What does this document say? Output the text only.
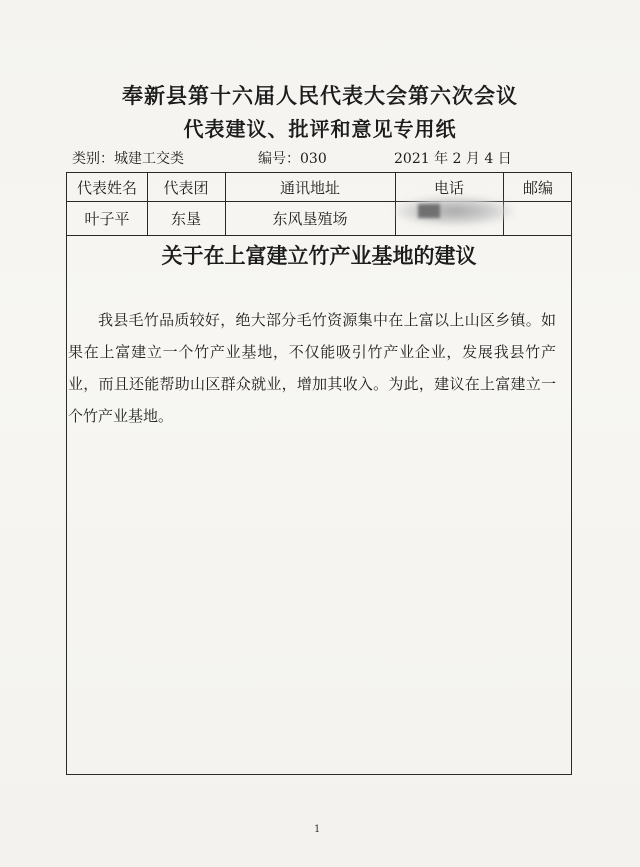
奉新县第十六届人民代表大会第六次会议
代表建议、批评和意见专用纸
类别：城建工交类	编号：030	2021 年 2 月 4 日
代表姓名	代表团	通讯地址	电话	邮编
叶子平	东垦	东风垦殖场
关于在上富建立竹产业基地的建议

我县毛竹品质较好，绝大部分毛竹资源集中在上富以上山区乡镇。如果在上富建立一个竹产业基地，不仅能吸引竹产业企业，发展我县竹产业，而且还能帮助山区群众就业，增加其收入。为此，建议在上富建立一个竹产业基地。

1
